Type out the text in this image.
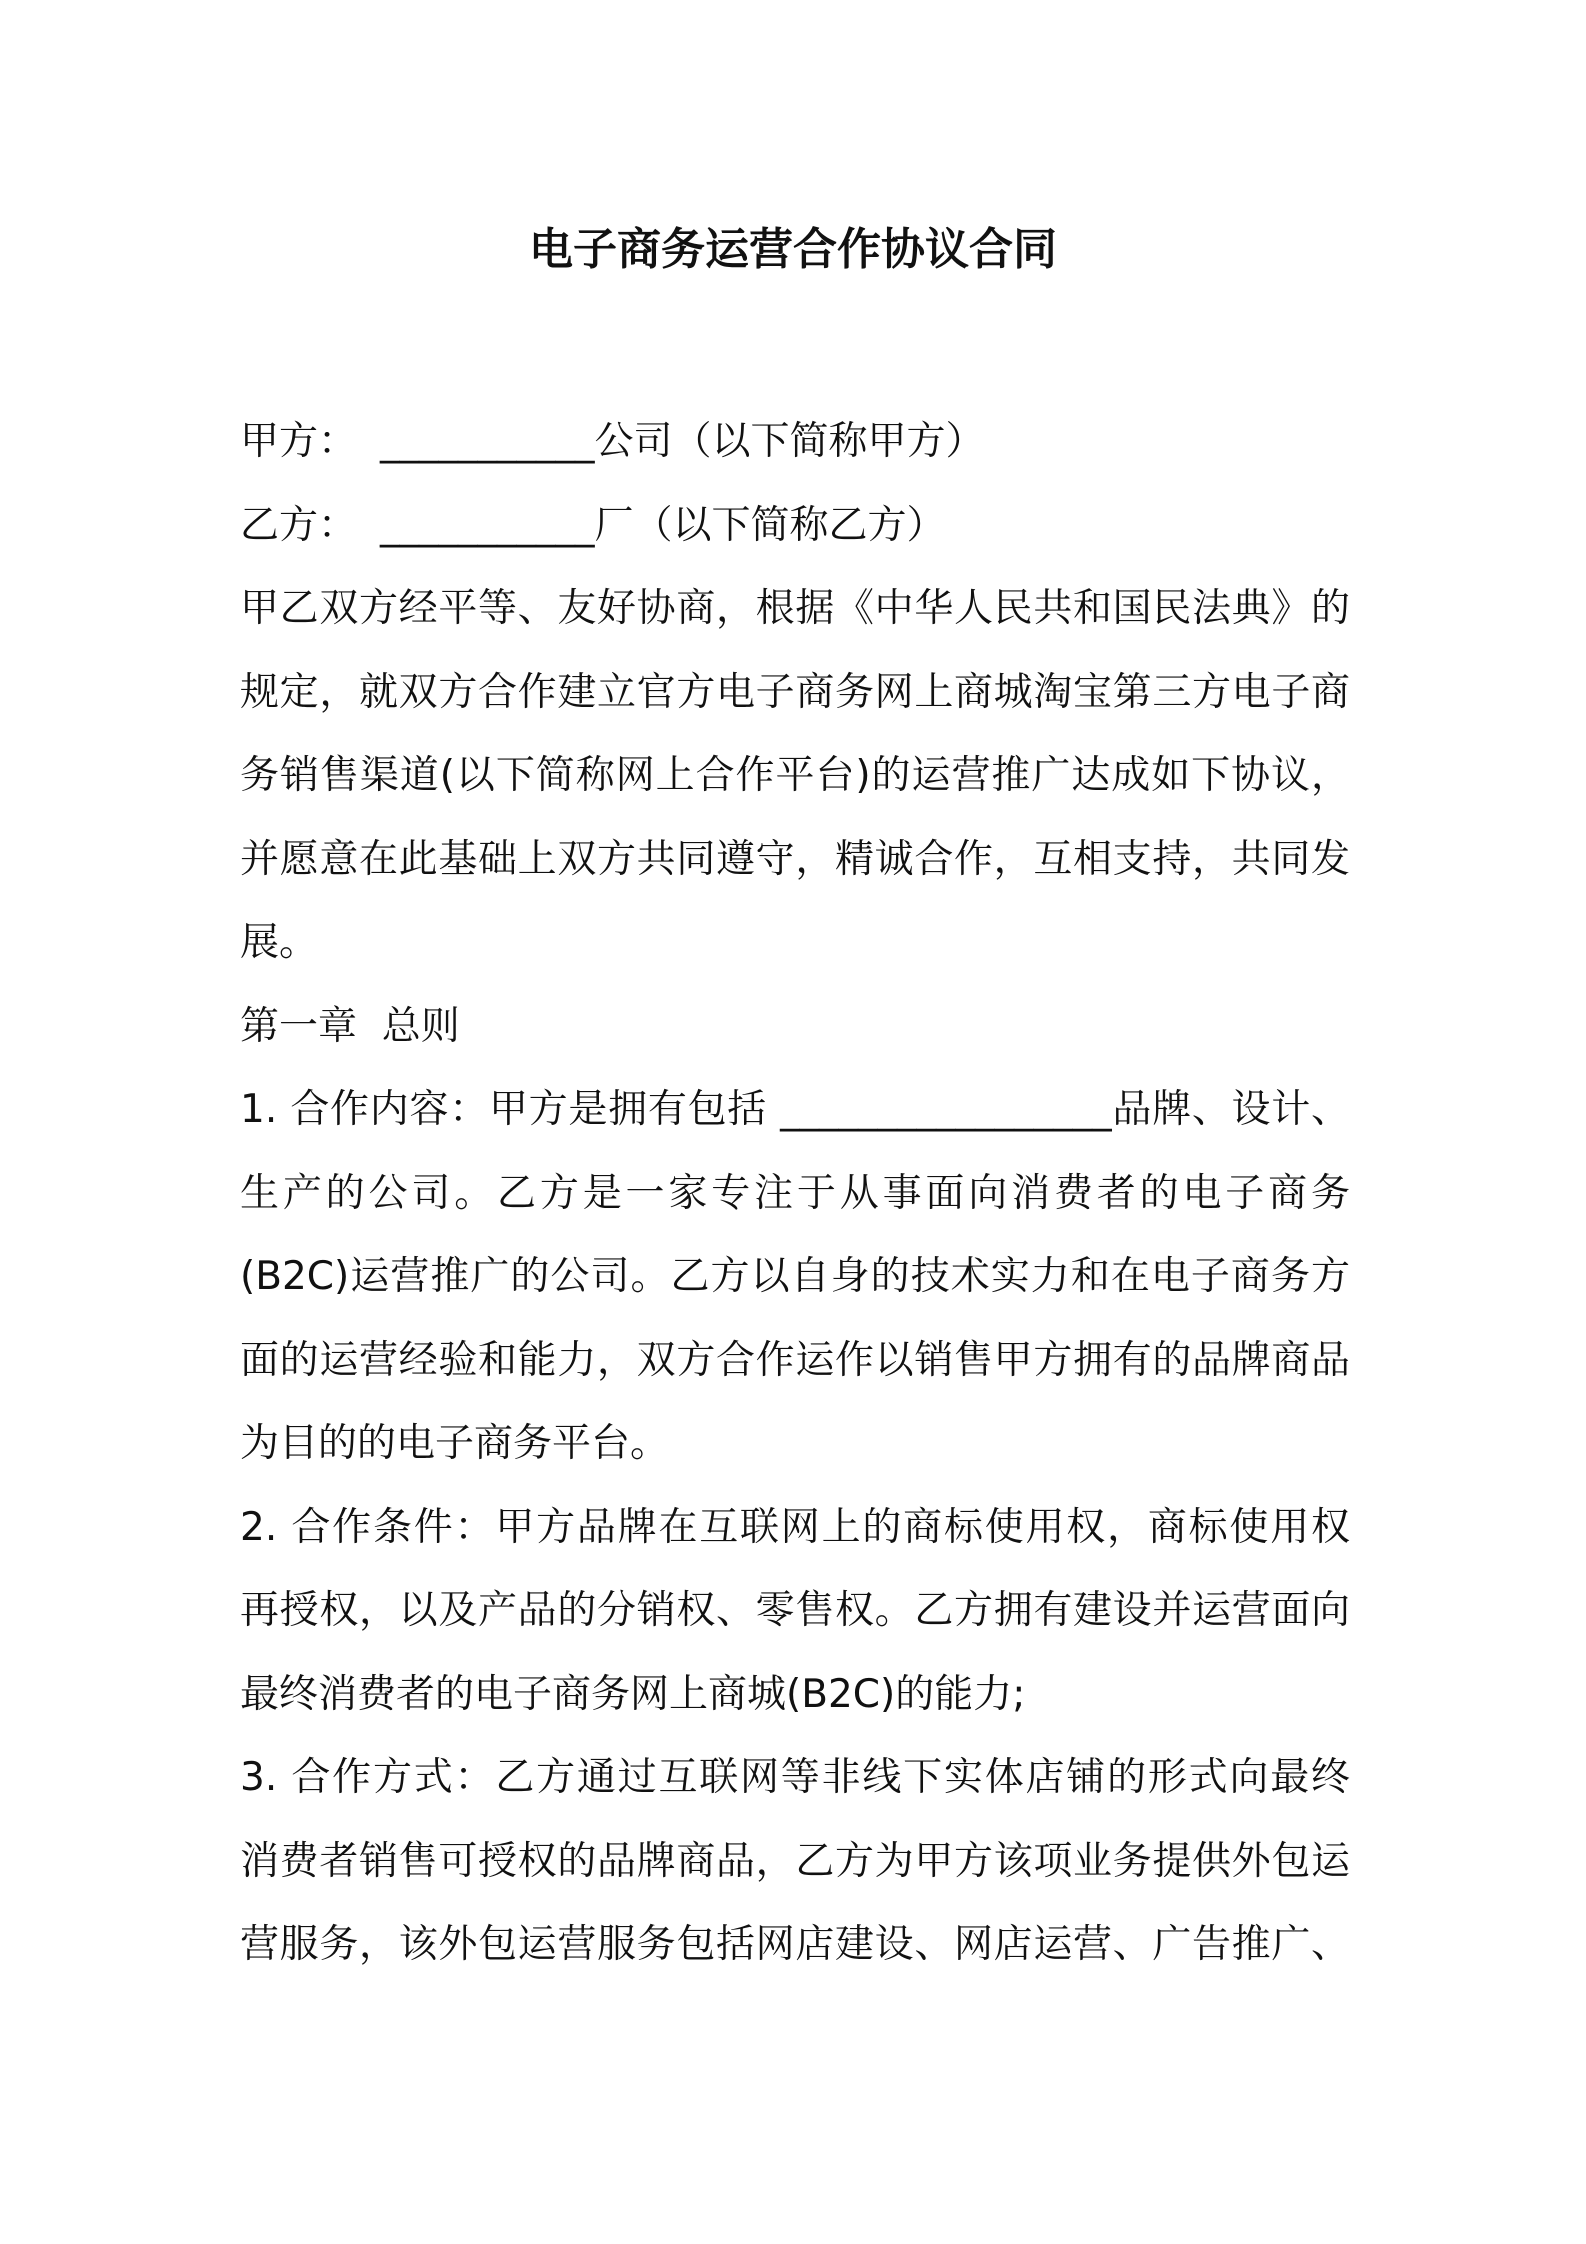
电子商务运营合作协议合同
甲方： ___________公司（以下简称甲方）
乙方： ___________厂（以下简称乙方）
甲乙双方经平等、友好协商，根据《中华人民共和国民法典》的
规定，就双方合作建立官方电子商务网上商城淘宝第三方电子商
务销售渠道(以下简称网上合作平台)的运营推广达成如下协议，
并愿意在此基础上双方共同遵守，精诚合作，互相支持，共同发
展。
第一章  总则
1. 合作内容：甲方是拥有包括 _________________品牌、设计、
生产的公司。乙方是一家专注于从事面向消费者的电子商务
(B2C)运营推广的公司。乙方以自身的技术实力和在电子商务方
面的运营经验和能力，双方合作运作以销售甲方拥有的品牌商品
为目的的电子商务平台。
2. 合作条件：甲方品牌在互联网上的商标使用权，商标使用权
再授权，以及产品的分销权、零售权。乙方拥有建设并运营面向
最终消费者的电子商务网上商城(B2C)的能力;
3. 合作方式：乙方通过互联网等非线下实体店铺的形式向最终
消费者销售可授权的品牌商品，乙方为甲方该项业务提供外包运
营服务，该外包运营服务包括网店建设、网店运营、广告推广、
